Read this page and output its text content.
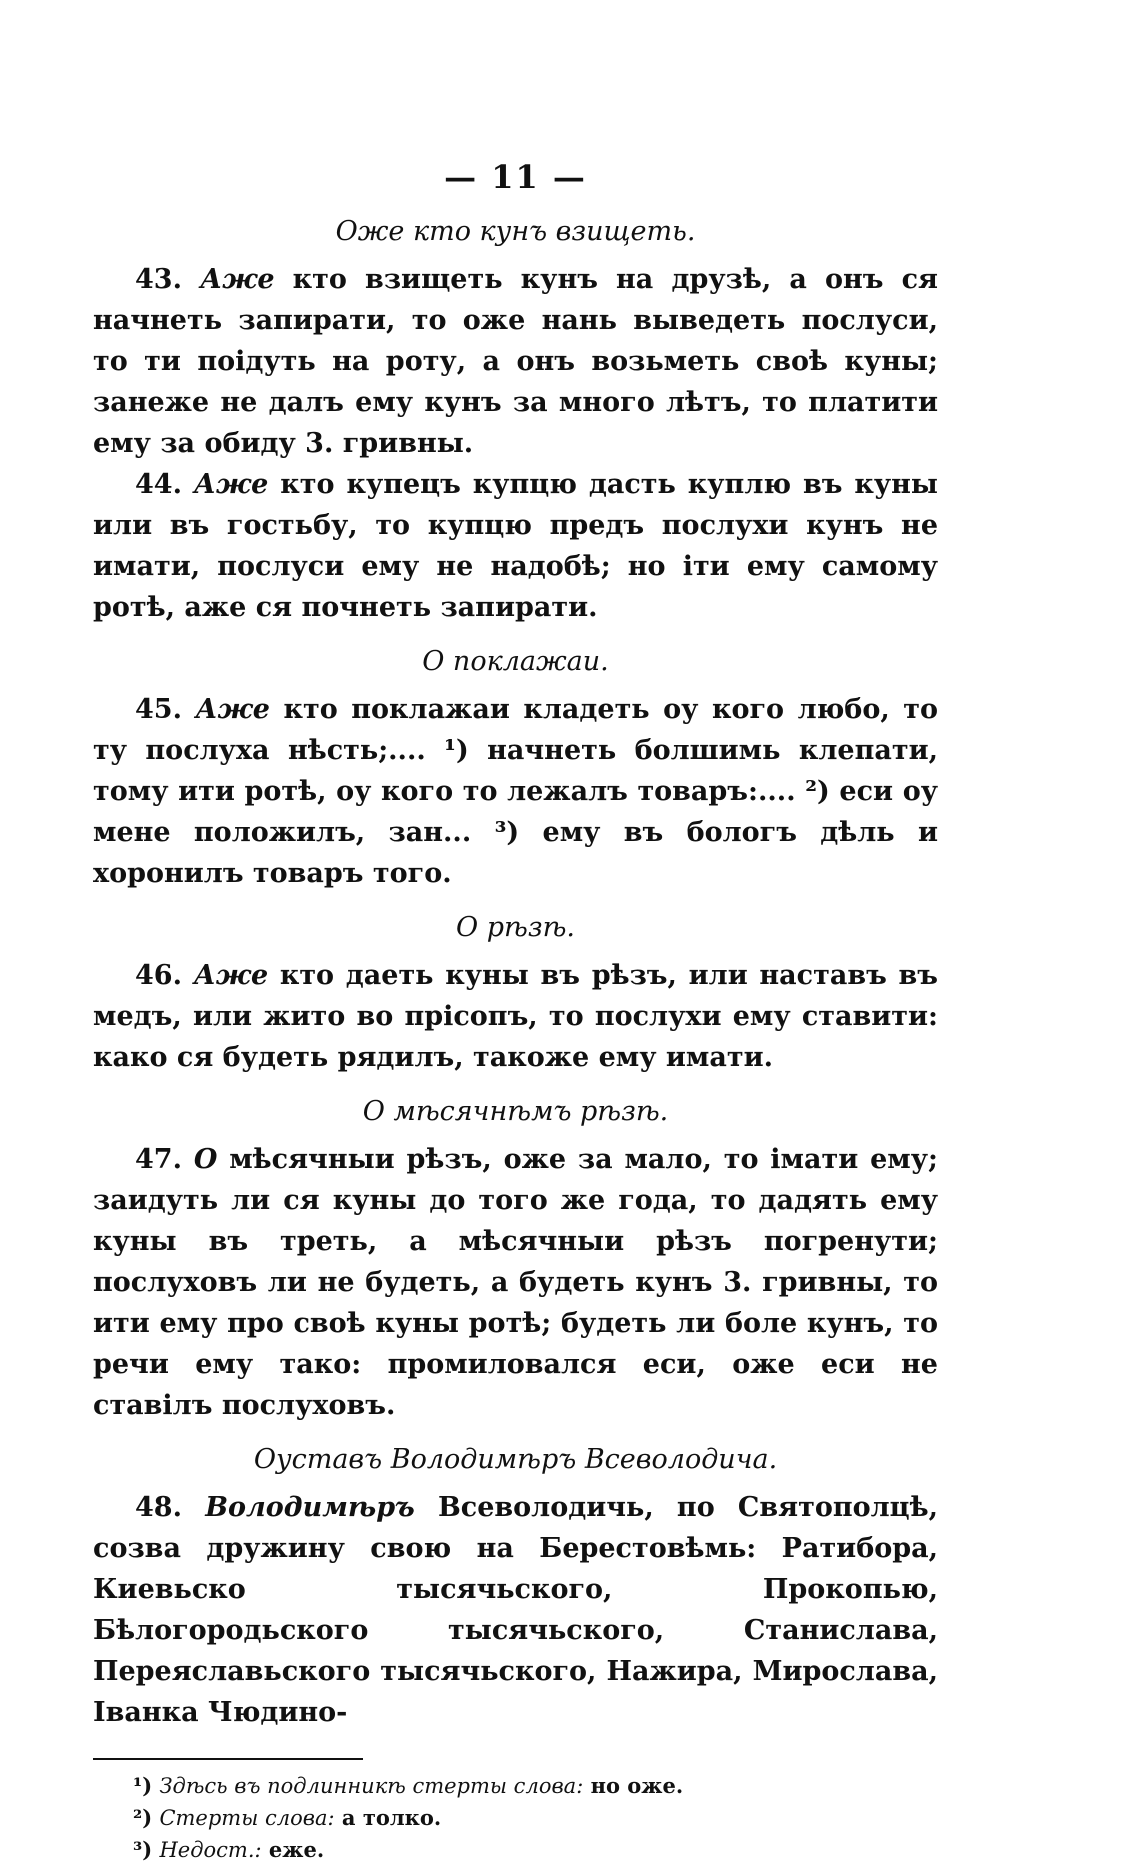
— 11 —
Оже кто кунъ взищеть.

43. Аже кто взищеть кунъ на друзѣ, а онъ ся начнеть запирати, то оже нань выведеть послуси, то ти поiдуть на роту, а онъ возьметь своѣ куны; занеже не далъ ему кунъ за много лѣтъ, то платити ему за обиду 3. гривны.

44. Аже кто купецъ купцю дасть куплю въ куны или въ гостьбу, то купцю предъ послухи кунъ не имати, послуси ему не надобѣ; но iти ему самому ротѣ, аже ся почнеть запирати.

О поклажаи.

45. Аже кто поклажаи кладеть оу кого любо, то ту послуха нѣсть;.... ¹) начнеть болшимь клепати, тому ити ротѣ, оу кого то лежалъ товаръ:.... ²) еси оу мене положилъ, зан... ³) ему въ бологъ дѣль и хоронилъ товаръ того.

О рѣзѣ.

46. Аже кто даеть куны въ рѣзъ, или наставъ въ медъ, или жито во прiсопъ, то послухи ему ставити: како ся будеть рядилъ, такоже ему имати.

О мѣсячнѣмъ рѣзѣ.

47. О мѣсячныи рѣзъ, оже за мало, то iмати ему; заидуть ли ся куны до того же года, то дадять ему куны въ треть, а мѣсячныи рѣзъ погренути; послуховъ ли не будеть, а будеть кунъ 3. гривны, то ити ему про своѣ куны ротѣ; будеть ли боле кунъ, то речи ему тако: промиловался еси, оже еси не ставiлъ послуховъ.

Оуставъ Володимѣръ Всеволодича.

48. Володимѣръ Всеволодичь, по Святополцѣ, созва дружину свою на Берестовѣмь: Ратибора, Киевьско тысячьского, Прокопью, Бѣлогородьского тысячьского, Станислава, Переяславьского тысячьского, Нажира, Мирослава, Iванка Чюдино-

¹) Здѣсь въ подлинникѣ стерты слова: но оже.
²) Стерты слова: а толко.
³) Недост.: еже.
